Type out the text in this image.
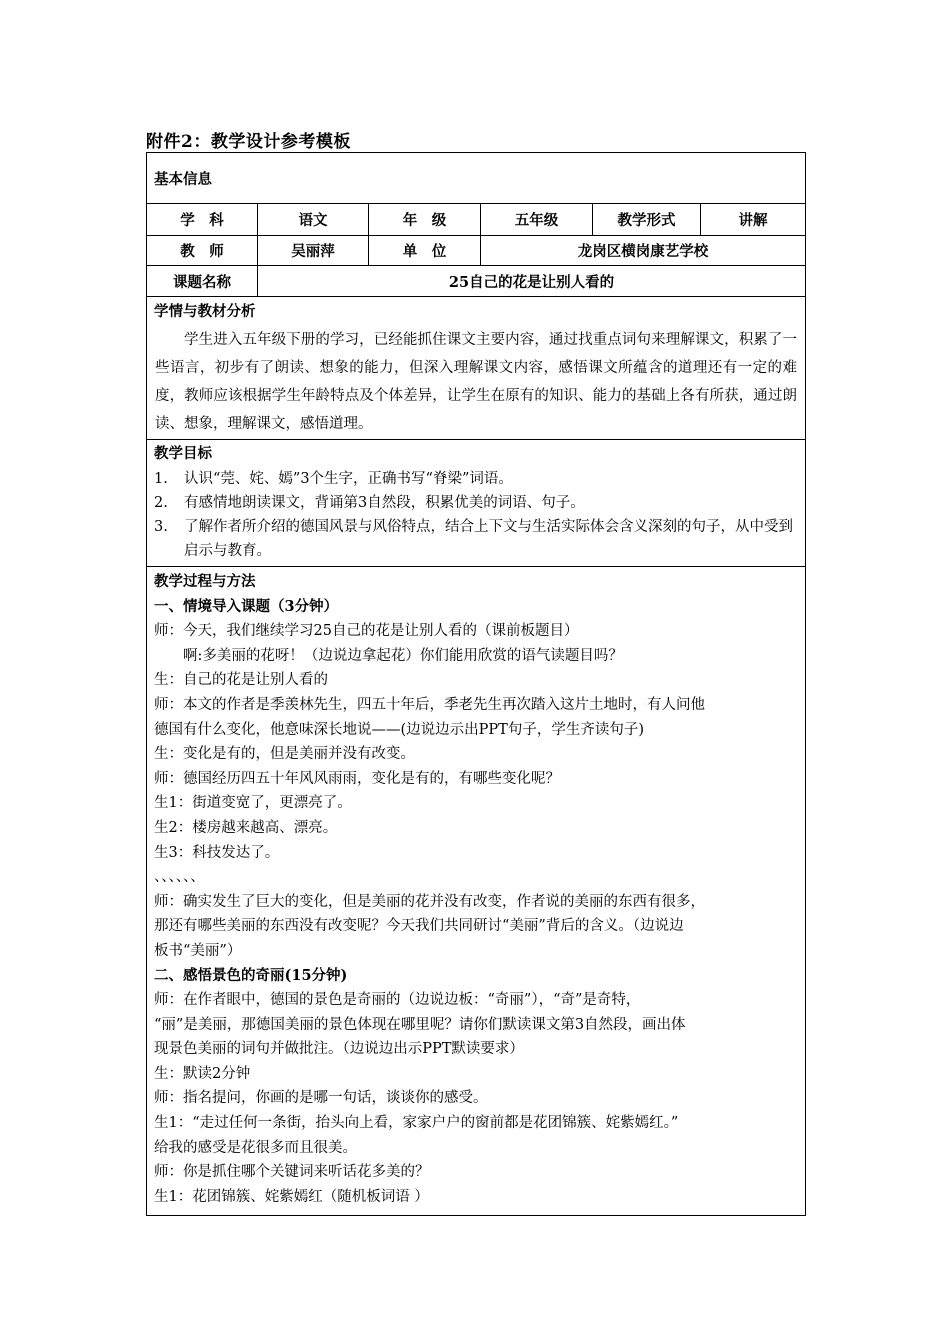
附件2：教学设计参考模板
基本信息
学　科	语文	年　级	五年级	教学形式	讲解
教　师	吴丽萍	单　位	龙岗区横岗康艺学校
课题名称	25自己的花是让别人看的
学情与教材分析
学生进入五年级下册的学习，已经能抓住课文主要内容，通过找重点词句来理解课文，积累了一些语言，初步有了朗读、想象的能力，但深入理解课文内容，感悟课文所蕴含的道理还有一定的难度，教师应该根据学生年龄特点及个体差异，让学生在原有的知识、能力的基础上各有所获，通过朗读、想象，理解课文，感悟道理。
教学目标
1.	认识“莞、姹、嫣”3个生字，正确书写“脊梁”词语。
2.	有感情地朗读课文，背诵第3自然段，积累优美的词语、句子。
3.	了解作者所介绍的德国风景与风俗特点，结合上下文与生活实际体会含义深刻的句子，从中受到启示与教育。
教学过程与方法
一、情境导入课题（3分钟）
师：今天，我们继续学习25自己的花是让别人看的（课前板题目）
　　啊:多美丽的花呀！（边说边拿起花）你们能用欣赏的语气读题目吗？
生：自己的花是让别人看的
师：本文的作者是季羡林先生，四五十年后，季老先生再次踏入这片土地时，有人问他
德国有什么变化，他意味深长地说——(边说边示出PPT句子，学生齐读句子)
生：变化是有的，但是美丽并没有改变。
师：德国经历四五十年风风雨雨，变化是有的，有哪些变化呢？
生1：街道变宽了，更漂亮了。
生2：楼房越来越高、漂亮。
生3：科技发达了。
、、、、、、
师：确实发生了巨大的变化，但是美丽的花并没有改变，作者说的美丽的东西有很多，
那还有哪些美丽的东西没有改变呢？今天我们共同研讨“美丽”背后的含义。（边说边
板书“美丽”）
二、感悟景色的奇丽(15分钟)
师：在作者眼中，德国的景色是奇丽的（边说边板：“奇丽”），“奇”是奇特，
“丽”是美丽，那德国美丽的景色体现在哪里呢？请你们默读课文第3自然段，画出体
现景色美丽的词句并做批注。（边说边出示PPT默读要求）
生：默读2分钟
师：指名提问，你画的是哪一句话，谈谈你的感受。
生1：“走过任何一条街，抬头向上看，家家户户的窗前都是花团锦簇、姹紫嫣红。”
给我的感受是花很多而且很美。
师：你是抓住哪个关键词来听话花多美的？
生1：花团锦簇、姹紫嫣红（随机板词语 ）
